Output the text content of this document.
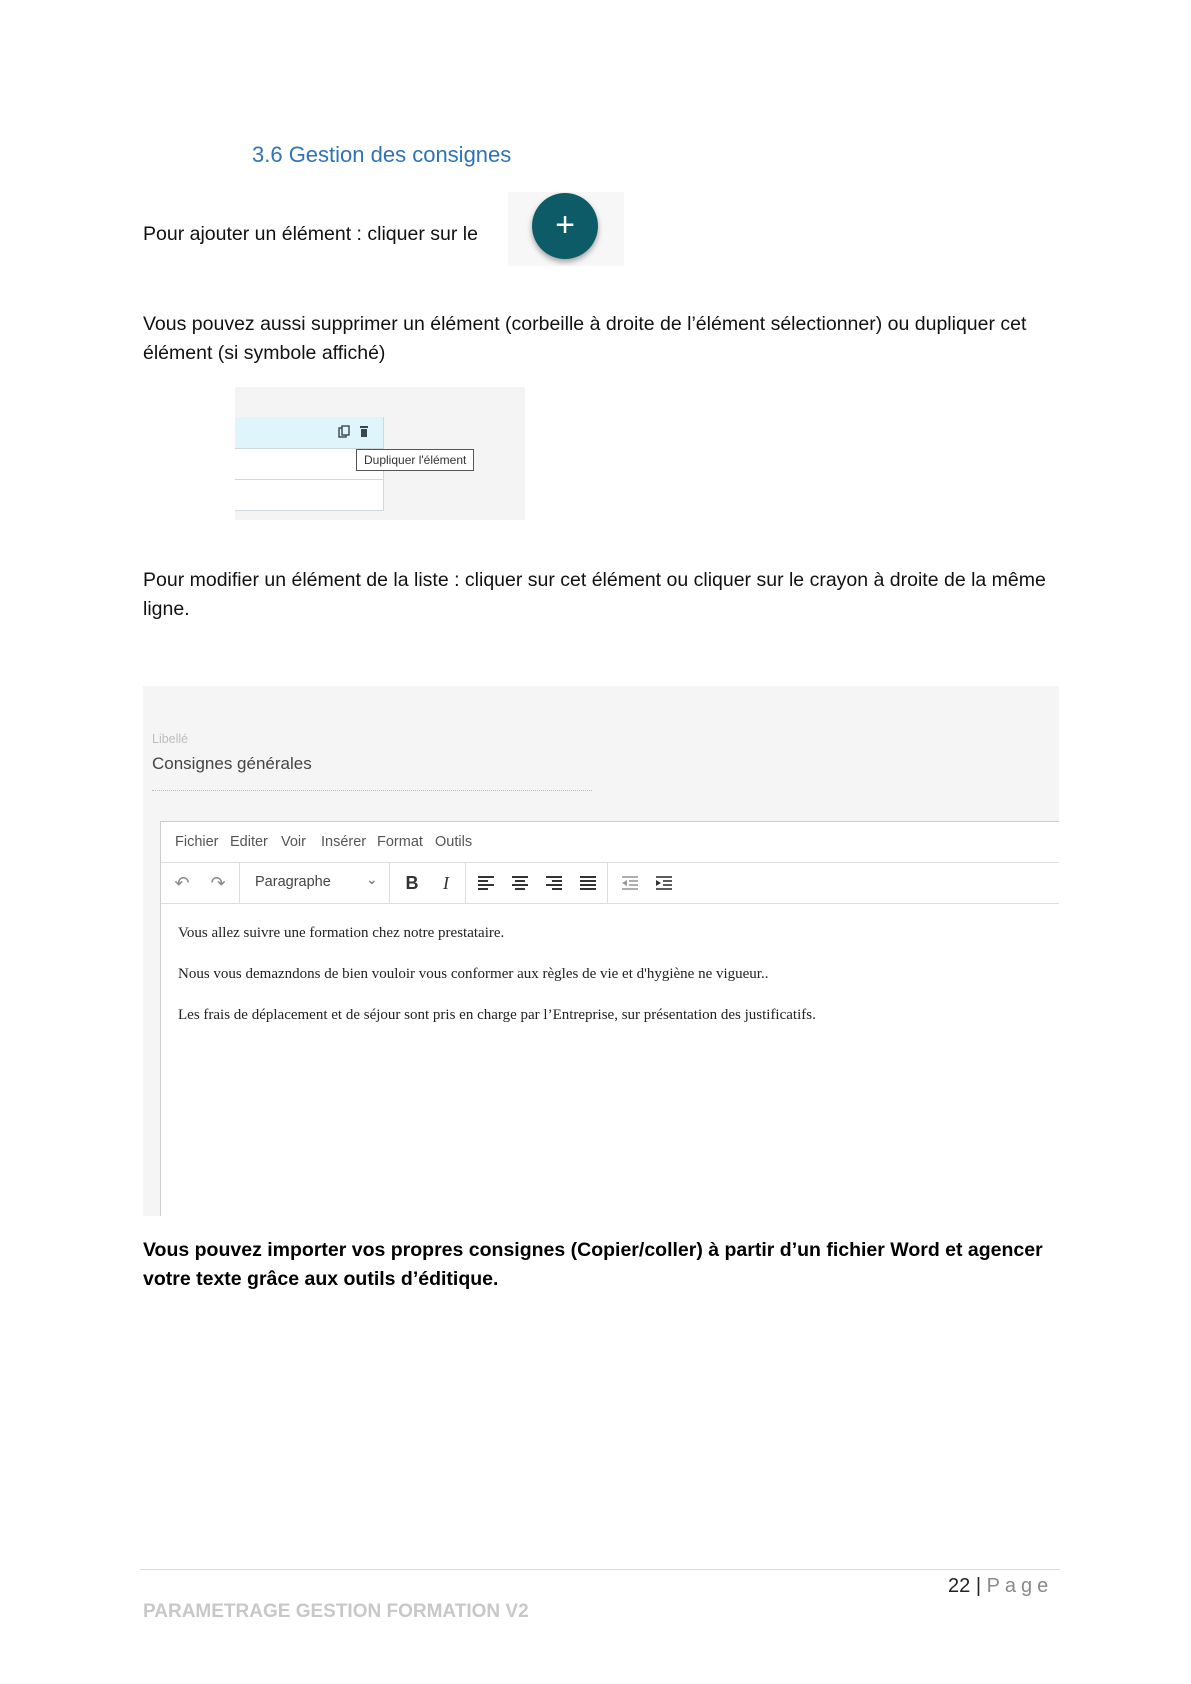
3.6 Gestion des consignes
Pour ajouter un élément : cliquer sur le	+
Vous pouvez aussi supprimer un élément (corbeille à droite de l’élément sélectionner) ou dupliquer cet élément (si symbole affiché)
Dupliquer l'élément
Pour modifier un élément de la liste : cliquer sur cet élément ou cliquer sur le crayon à droite de la même ligne.
Libellé
Consignes générales
Fichier Editer Voir Insérer Format Outils
↶	↷	Paragraphe	⌄	B	I
Vous allez suivre une formation chez notre prestataire.
Nous vous demazndons de bien vouloir vous conformer aux règles de vie et d'hygiène ne vigueur..
Les frais de déplacement et de séjour sont pris en charge par l’Entreprise, sur présentation des justificatifs.
Vous pouvez importer vos propres consignes (Copier/coller) à partir d’un fichier Word et agencer votre texte grâce aux outils d’éditique.
22 | Page
PARAMETRAGE GESTION FORMATION V2
